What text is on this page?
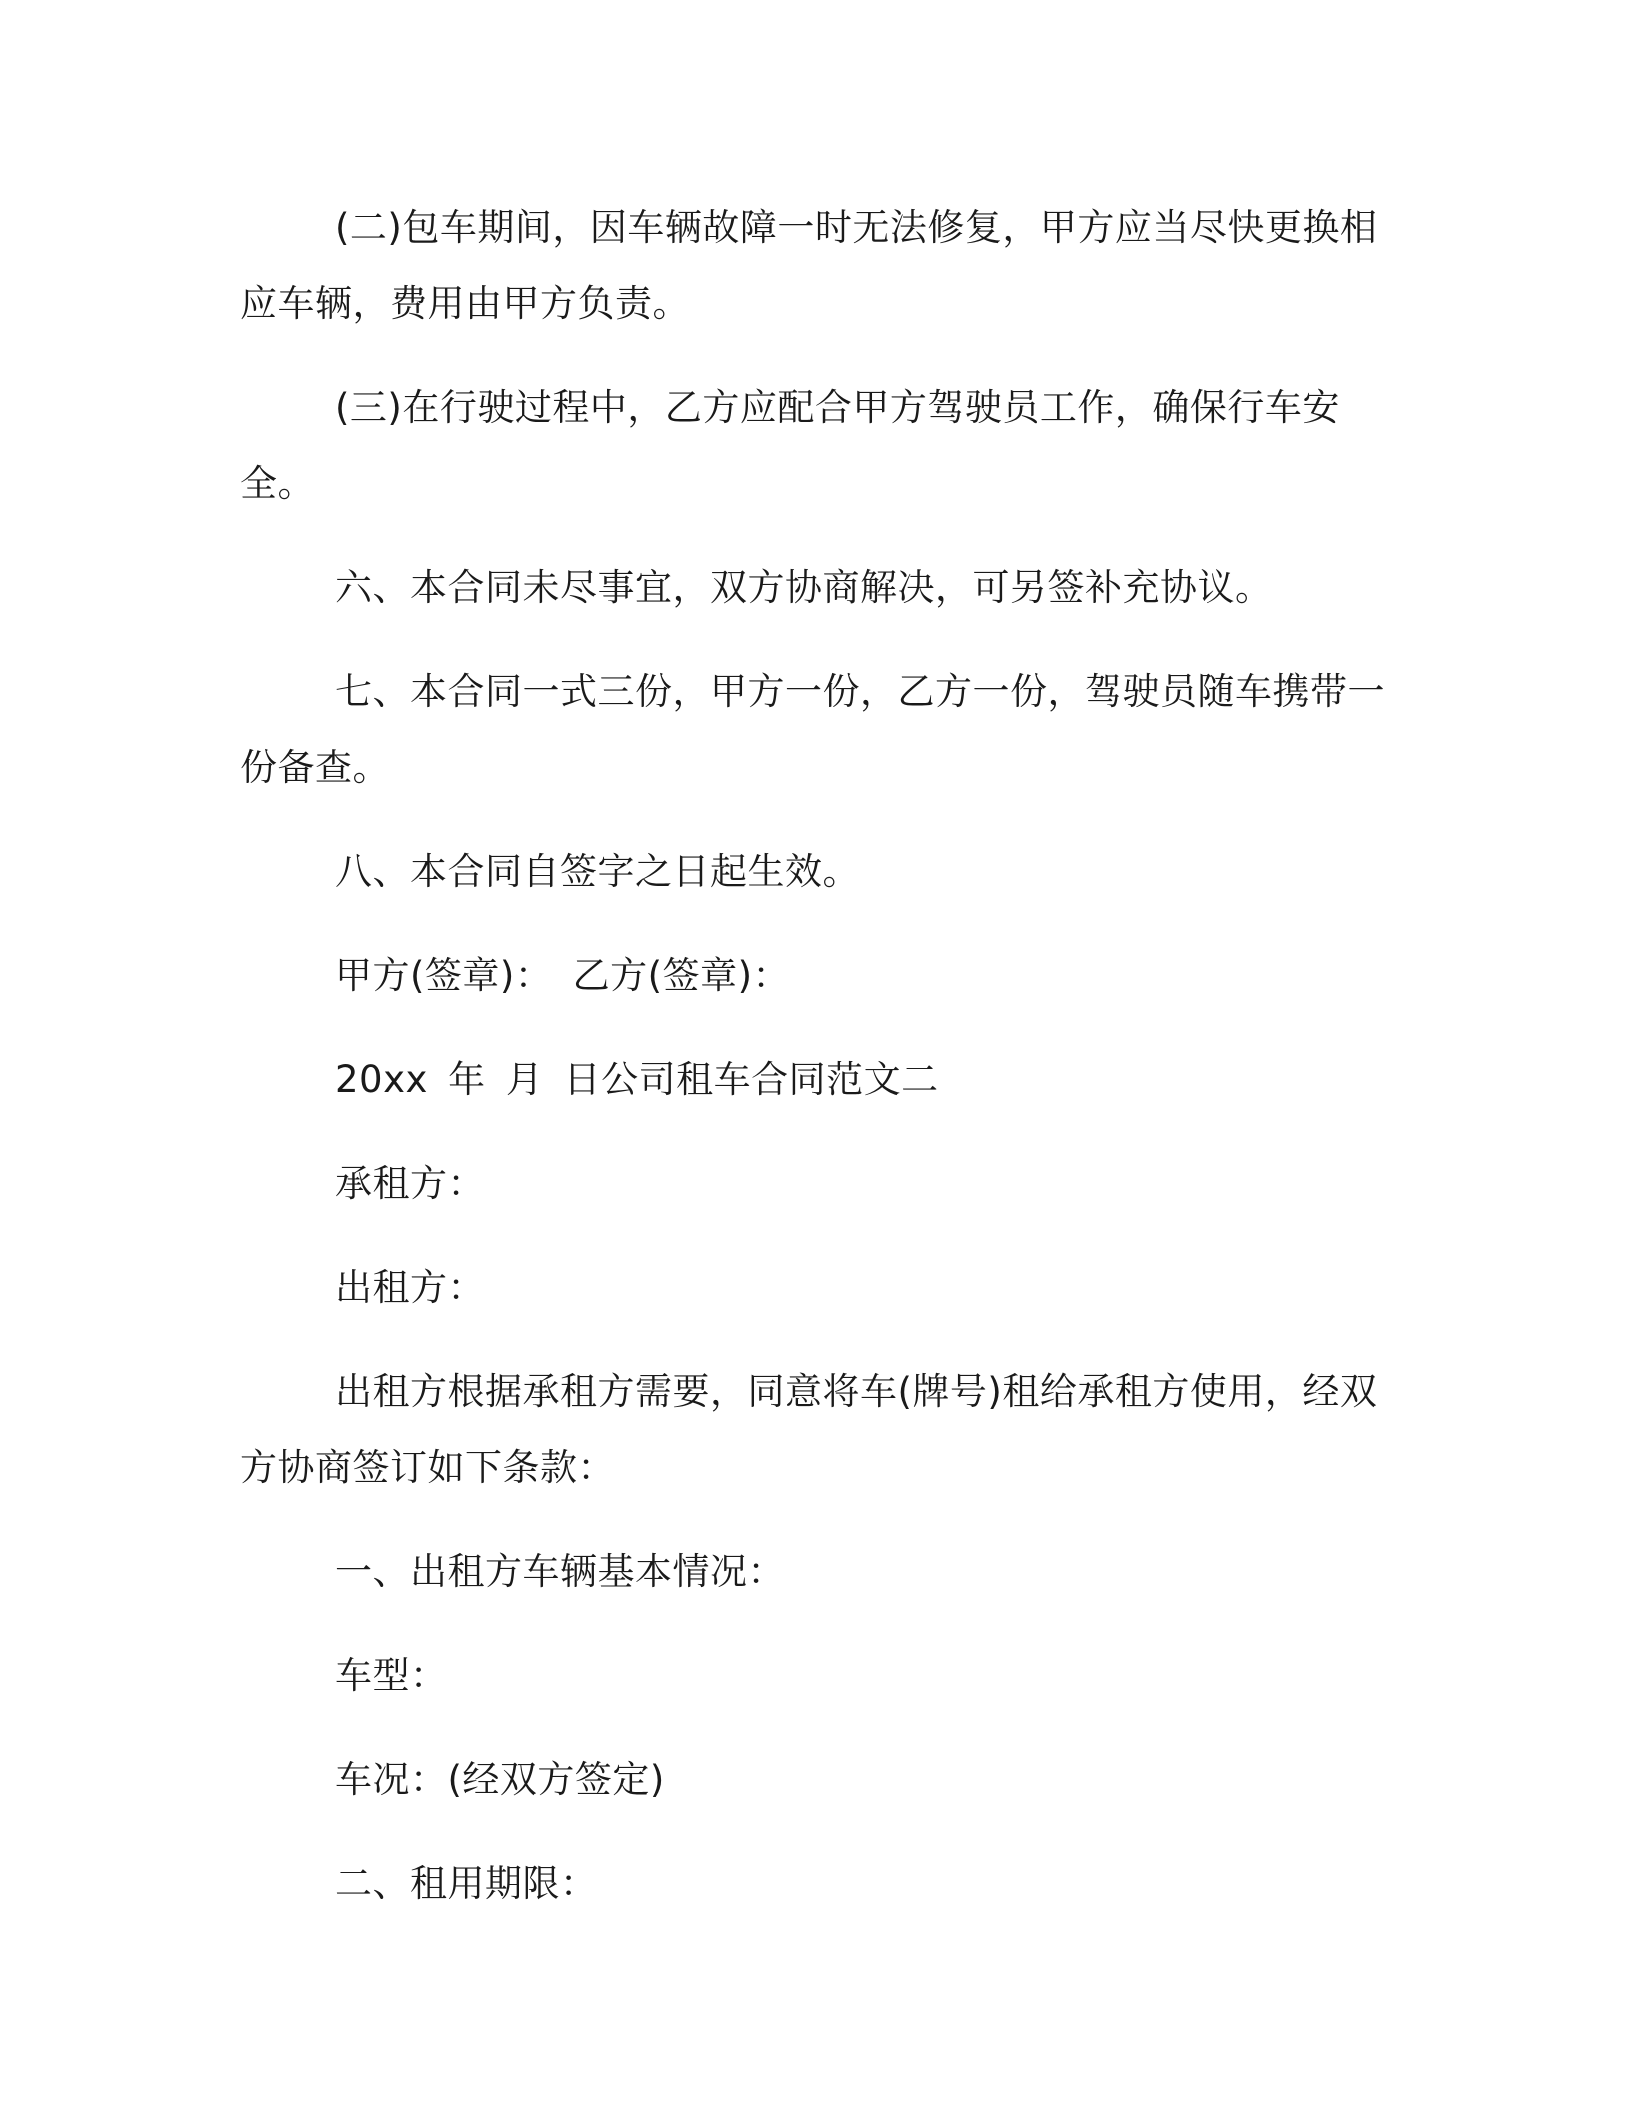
(二)包车期间，因车辆故障一时无法修复，甲方应当尽快更换相应车辆，费用由甲方负责。

(三)在行驶过程中，乙方应配合甲方驾驶员工作，确保行车安全。

六、本合同未尽事宜，双方协商解决，可另签补充协议。

七、本合同一式三份，甲方一份，乙方一份，驾驶员随车携带一份备查。

八、本合同自签字之日起生效。

甲方(签章)： 乙方(签章)：

20xx 年 月 日公司租车合同范文二

承租方：

出租方：

出租方根据承租方需要，同意将车(牌号)租给承租方使用，经双方协商签订如下条款：

一、出租方车辆基本情况：

车型：

车况：(经双方签定)

二、租用期限：
